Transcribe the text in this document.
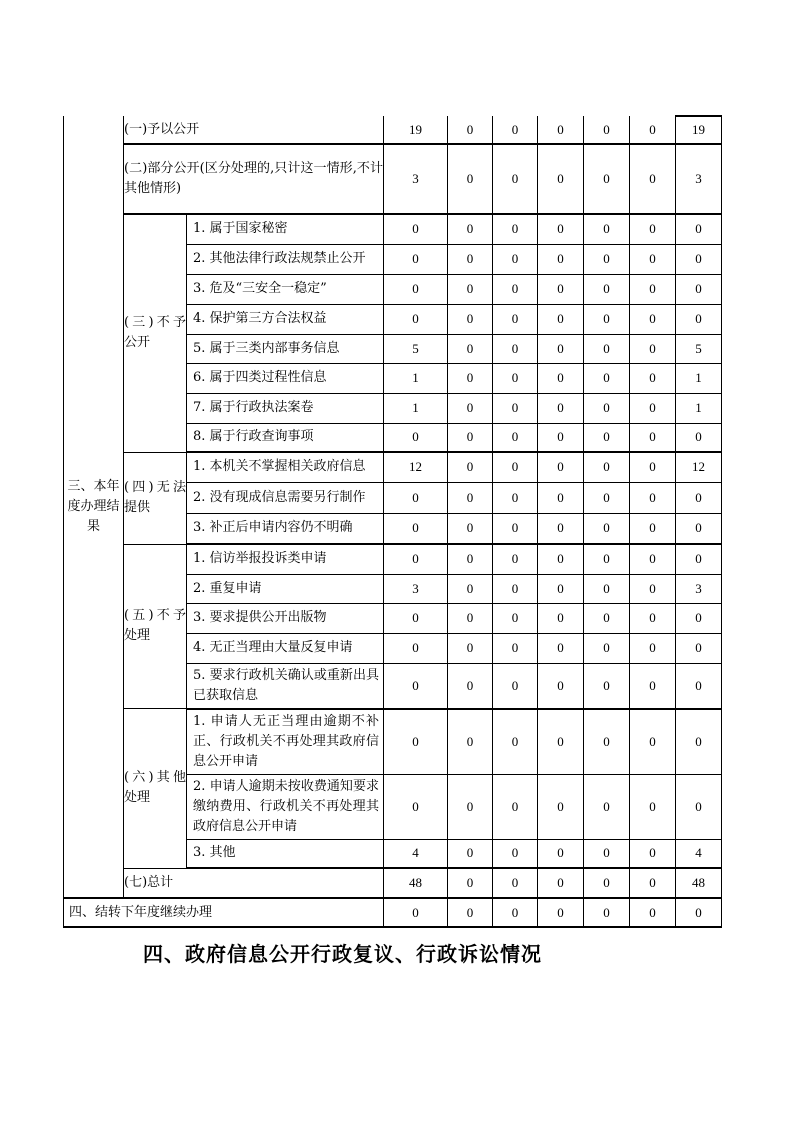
三、本年度办理结果	(一)予以公开		19	0	0	0	0	0	19
	(二)部分公开(区分处理的,只计这一情形,不计其他情形)		3	0	0	0	0	0	3
	(三)不予公开	1. 属于国家秘密	0	0	0	0	0	0	0
		2. 其他法律行政法规禁止公开	0	0	0	0	0	0	0
		3. 危及“三安全一稳定”	0	0	0	0	0	0	0
		4. 保护第三方合法权益	0	0	0	0	0	0	0
		5. 属于三类内部事务信息	5	0	0	0	0	0	5
		6. 属于四类过程性信息	1	0	0	0	0	0	1
		7. 属于行政执法案卷	1	0	0	0	0	0	1
		8. 属于行政查询事项	0	0	0	0	0	0	0
	(四)无法提供	1. 本机关不掌握相关政府信息	12	0	0	0	0	0	12
		2. 没有现成信息需要另行制作	0	0	0	0	0	0	0
		3. 补正后申请内容仍不明确	0	0	0	0	0	0	0
	(五)不予处理	1. 信访举报投诉类申请	0	0	0	0	0	0	0
		2. 重复申请	3	0	0	0	0	0	3
		3. 要求提供公开出版物	0	0	0	0	0	0	0
		4. 无正当理由大量反复申请	0	0	0	0	0	0	0
		5. 要求行政机关确认或重新出具已获取信息	0	0	0	0	0	0	0
	(六)其他处理	1. 申请人无正当理由逾期不补正、行政机关不再处理其政府信息公开申请	0	0	0	0	0	0	0
		2. 申请人逾期未按收费通知要求缴纳费用、行政机关不再处理其政府信息公开申请	0	0	0	0	0	0	0
		3. 其他	4	0	0	0	0	0	4
	(七)总计		48	0	0	0	0	0	48
四、结转下年度继续办理			0	0	0	0	0	0	0
四、政府信息公开行政复议、行政诉讼情况
